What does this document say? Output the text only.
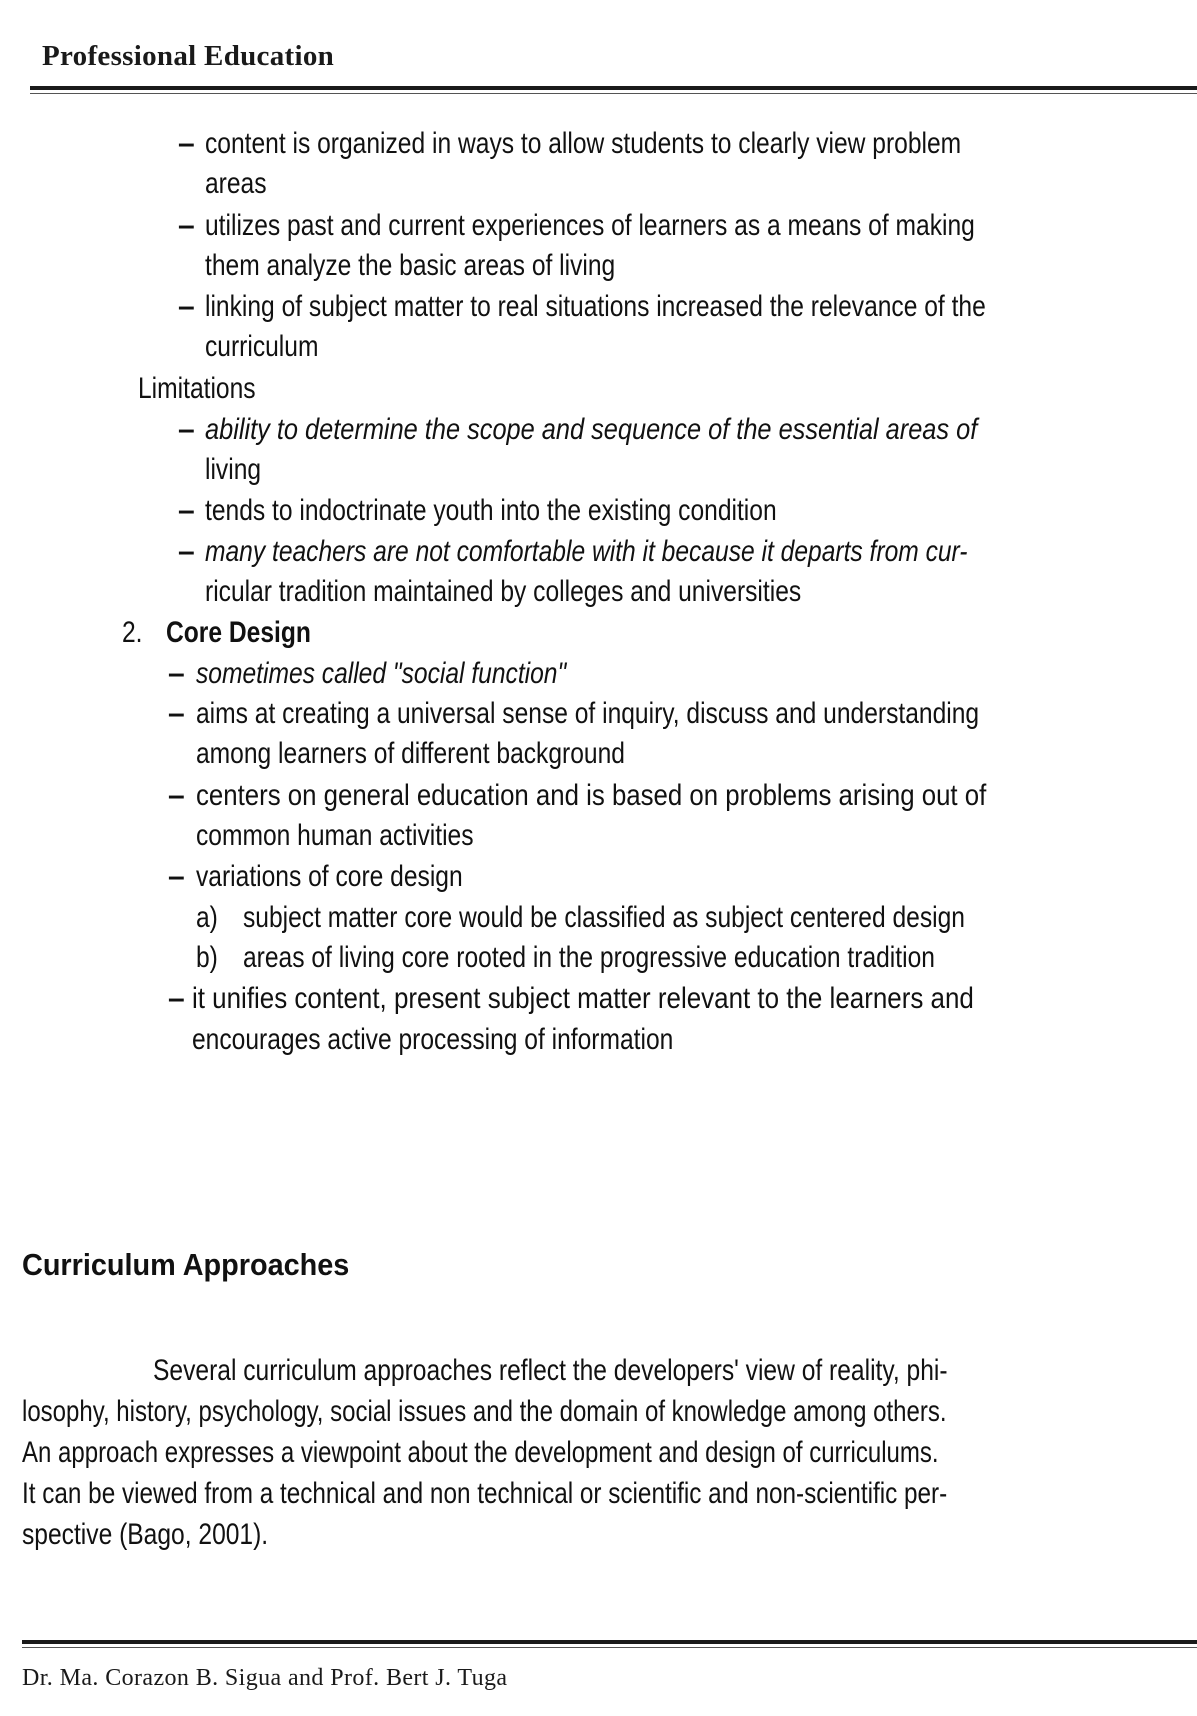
Professional Education
– content is organized in ways to allow students to clearly view problem
areas
– utilizes past and current experiences of learners as a means of making
them analyze the basic areas of living
– linking of subject matter to real situations increased the relevance of the
curriculum
Limitations
– ability to determine the scope and sequence of the essential areas of
living
– tends to indoctrinate youth into the existing condition
– many teachers are not comfortable with it because it departs from cur-
ricular tradition maintained by colleges and universities
2. Core Design
– sometimes called "social function"
– aims at creating a universal sense of inquiry, discuss and understanding
among learners of different background
– centers on general education and is based on problems arising out of
common human activities
– variations of core design
a) subject matter core would be classified as subject centered design
b) areas of living core rooted in the progressive education tradition
– it unifies content, present subject matter relevant to the learners and
encourages active processing of information
Curriculum Approaches
Several curriculum approaches reflect the developers' view of reality, phi-
losophy, history, psychology, social issues and the domain of knowledge among others.
An approach expresses a viewpoint about the development and design of curriculums.
It can be viewed from a technical and non technical or scientific and non-scientific per-
spective (Bago, 2001).
Dr. Ma. Corazon B. Sigua and Prof. Bert J. Tuga
